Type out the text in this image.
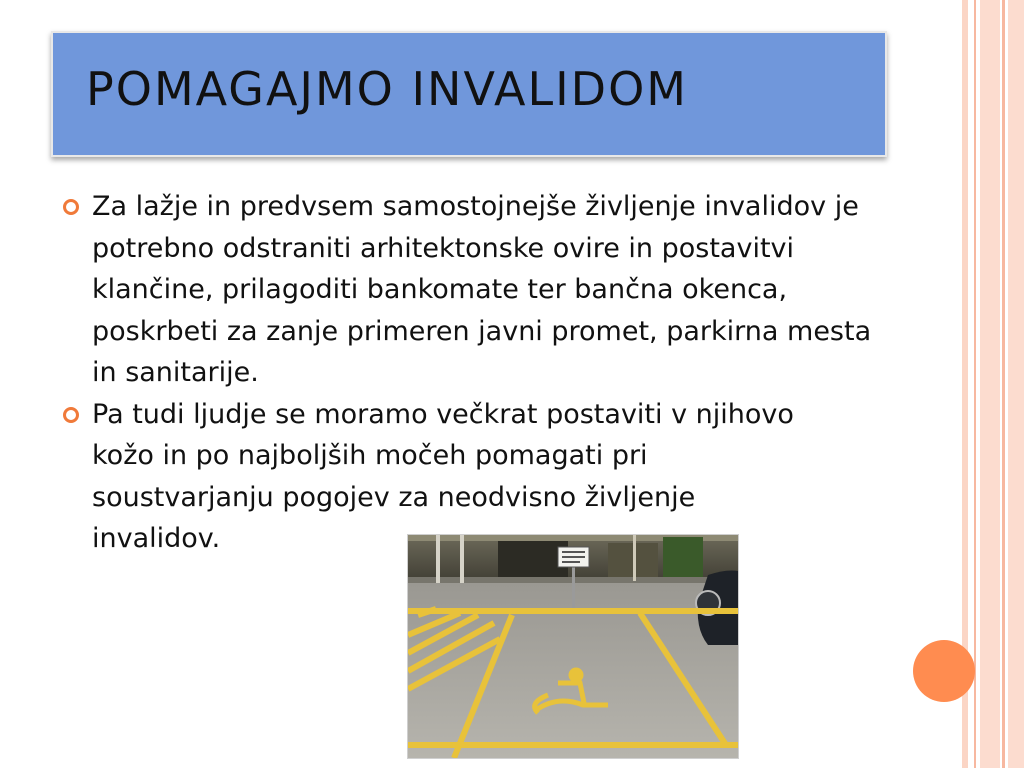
POMAGAJMO INVALIDOM
Za lažje in predvsem samostojnejše življenje invalidov je potrebno odstraniti arhitektonske ovire in postavitvi klančine, prilagoditi bankomate ter bančna okenca, poskrbeti za zanje primeren javni promet, parkirna mesta in sanitarije.
Pa tudi ljudje se moramo večkrat postaviti v njihovo kožo in po najboljših močeh pomagati pri soustvarjanju pogojev za neodvisno življenje invalidov.
